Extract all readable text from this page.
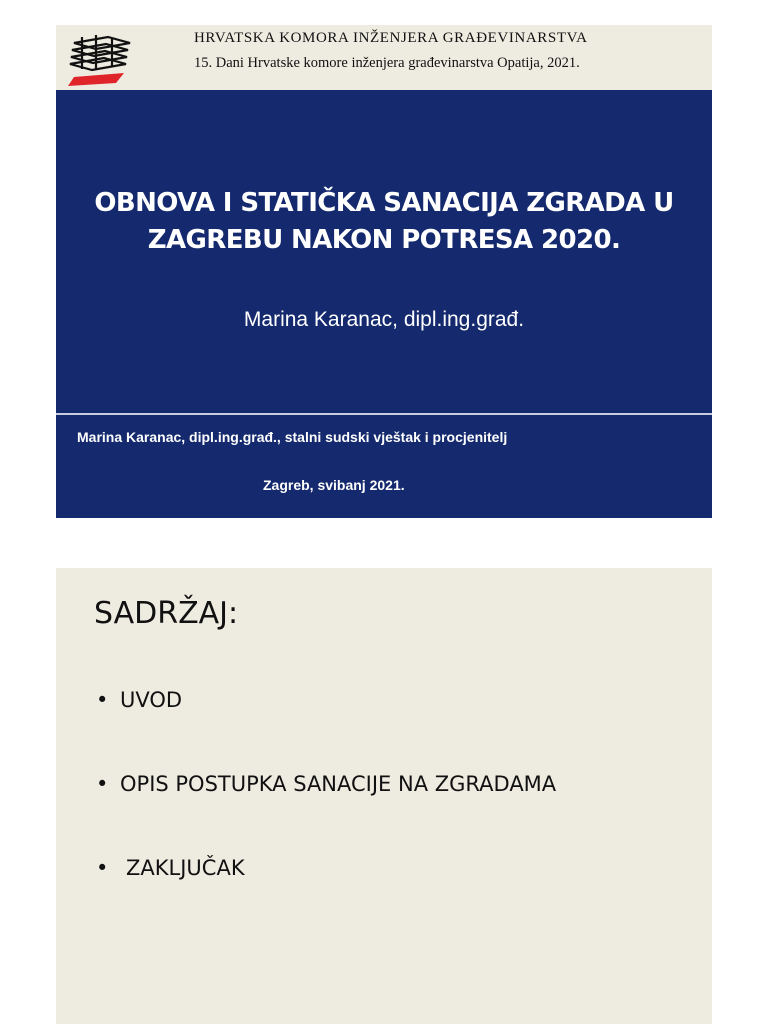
HRVATSKA KOMORA INŽENJERA GRAĐEVINARSTVA
15. Dani Hrvatske komore inženjera građevinarstva Opatija, 2021.
OBNOVA I STATIČKA SANACIJA ZGRADA U
ZAGREBU NAKON POTRESA 2020.
Marina Karanac, dipl.ing.građ.
Marina Karanac, dipl.ing.građ., stalni sudski vještak i procjenitelj
Zagreb, svibanj 2021.
SADRŽAJ:
• UVOD
• OPIS POSTUPKA SANACIJE NA ZGRADAMA
• ZAKLJUČAK
